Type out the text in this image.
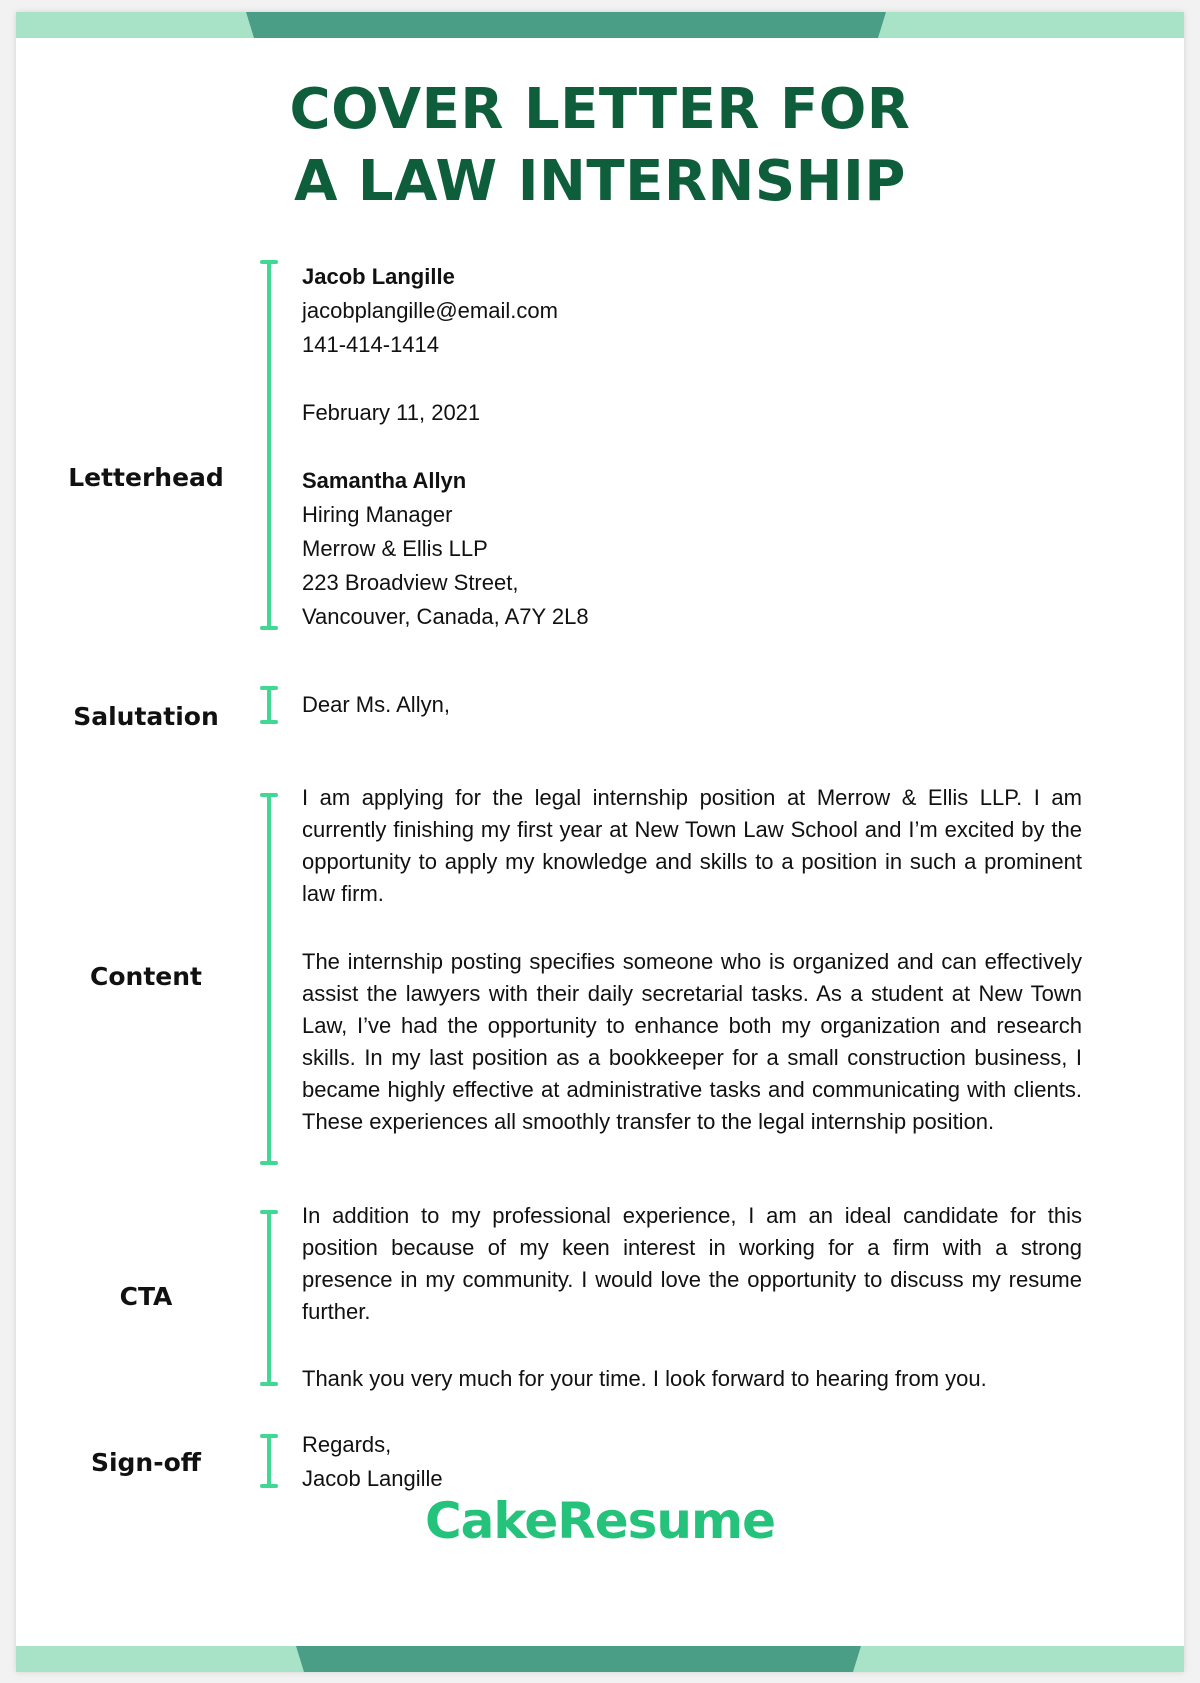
COVER LETTER FOR
A LAW INTERNSHIP
Letterhead
Jacob Langille
jacobplangille@email.com
141-414-1414
February 11, 2021
Samantha Allyn
Hiring Manager
Merrow & Ellis LLP
223 Broadview Street,
Vancouver, Canada, A7Y 2L8
Salutation	Dear Ms. Allyn,
Content
I am applying for the legal internship position at Merrow & Ellis LLP. I am currently finishing my first year at New Town Law School and I’m excited by the opportunity to apply my knowledge and skills to a position in such a prominent law firm.
The internship posting specifies someone who is organized and can effectively assist the lawyers with their daily secretarial tasks. As a student at New Town Law, I’ve had the opportunity to enhance both my organization and research skills. In my last position as a bookkeeper for a small construction business, I became highly effective at administrative tasks and communicating with clients. These experiences all smoothly transfer to the legal internship position.
CTA
In addition to my professional experience, I am an ideal candidate for this position because of my keen interest in working for a firm with a strong presence in my community. I would love the opportunity to discuss my resume further.
Thank you very much for your time. I look forward to hearing from you.
Sign-off
Regards,
Jacob Langille
CakeResume
